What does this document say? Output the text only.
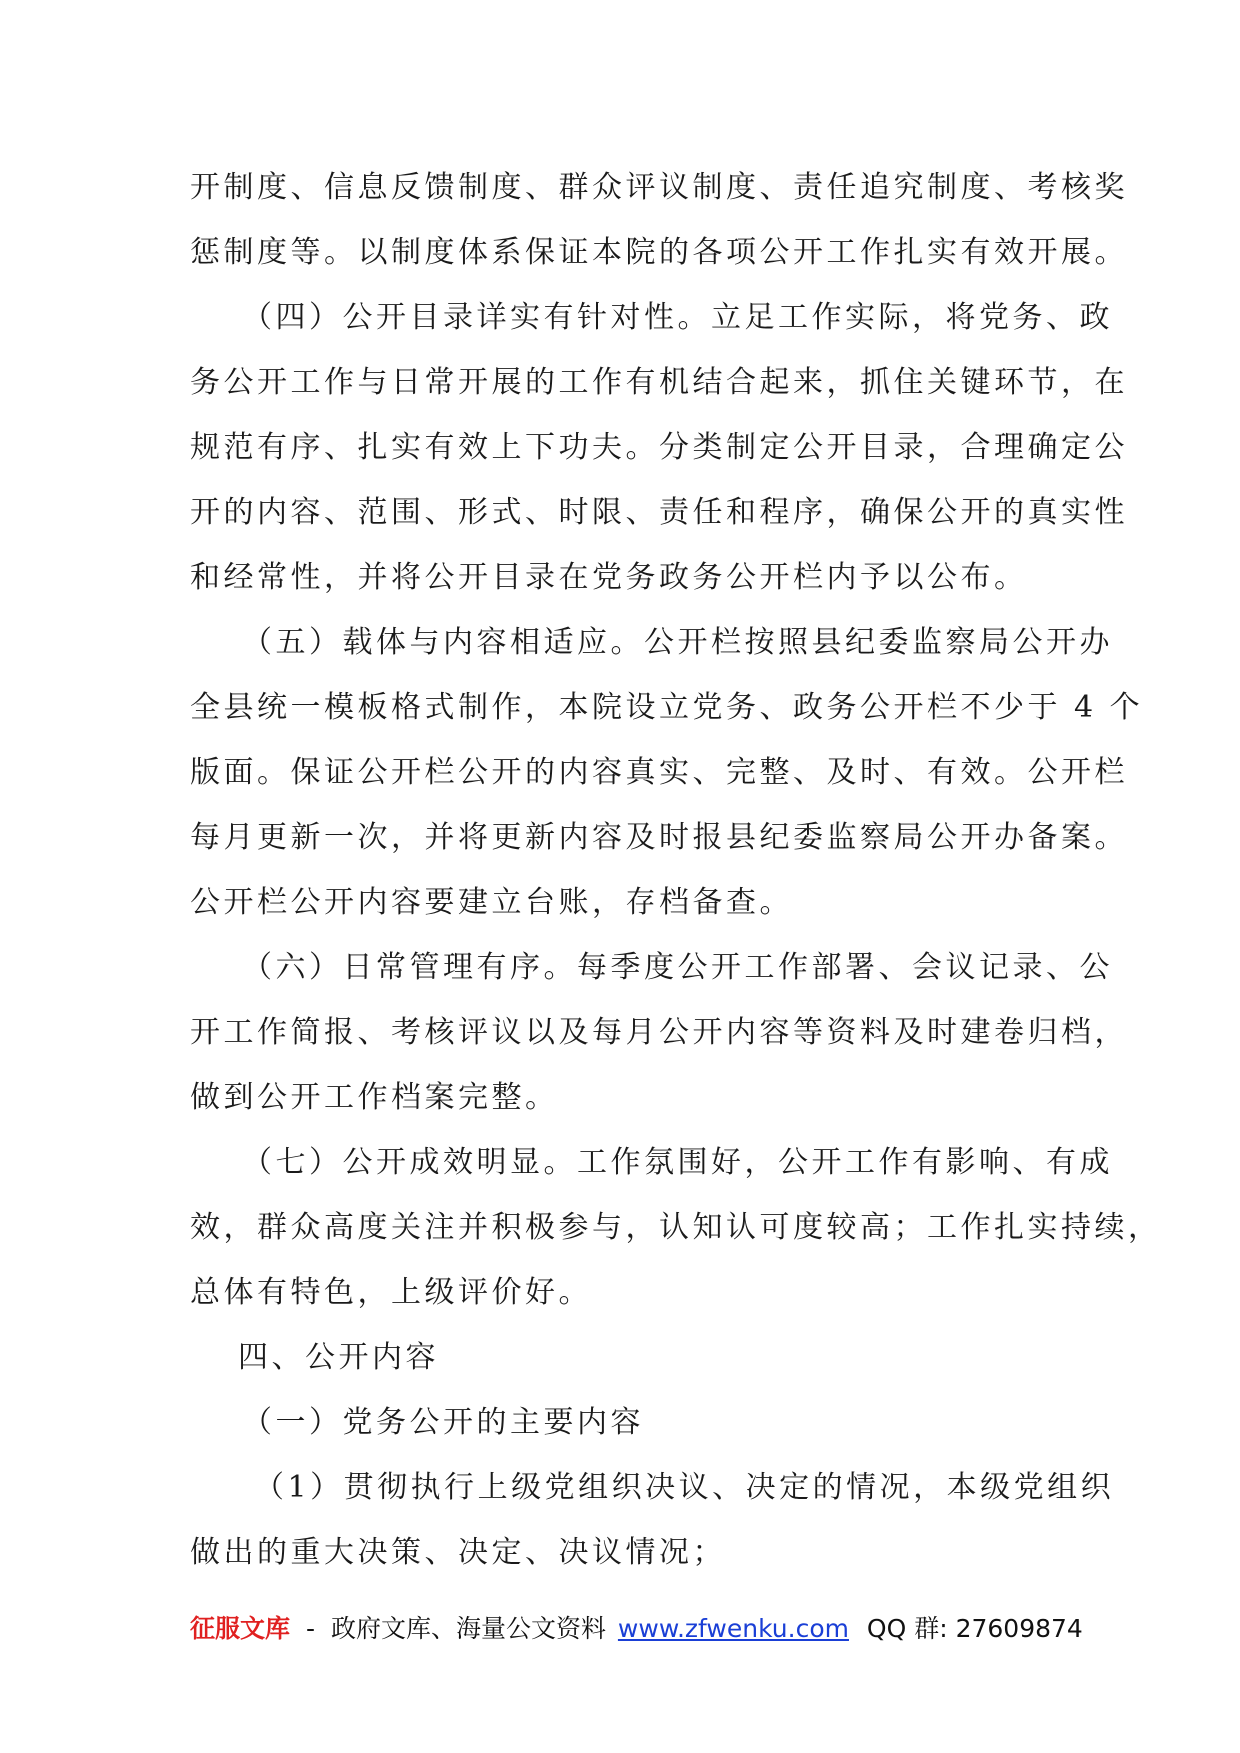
开制度、信息反馈制度、群众评议制度、责任追究制度、考核奖
惩制度等。以制度体系保证本院的各项公开工作扎实有效开展。
（四）公开目录详实有针对性。立足工作实际，将党务、政
务公开工作与日常开展的工作有机结合起来，抓住关键环节，在
规范有序、扎实有效上下功夫。分类制定公开目录，合理确定公
开的内容、范围、形式、时限、责任和程序，确保公开的真实性
和经常性，并将公开目录在党务政务公开栏内予以公布。
（五）载体与内容相适应。公开栏按照县纪委监察局公开办
全县统一模板格式制作，本院设立党务、政务公开栏不少于 4 个
版面。保证公开栏公开的内容真实、完整、及时、有效。公开栏
每月更新一次，并将更新内容及时报县纪委监察局公开办备案。
公开栏公开内容要建立台账，存档备查。
（六）日常管理有序。每季度公开工作部署、会议记录、公
开工作简报、考核评议以及每月公开内容等资料及时建卷归档，
做到公开工作档案完整。
（七）公开成效明显。工作氛围好，公开工作有影响、有成
效，群众高度关注并积极参与，认知认可度较高；工作扎实持续，
总体有特色，上级评价好。
四、公开内容
（一）党务公开的主要内容
（1）贯彻执行上级党组织决议、决定的情况，本级党组织
做出的重大决策、决定、决议情况；
征服文库 - 政府文库、海量公文资料 www.zfwenku.com QQ 群: 27609874
